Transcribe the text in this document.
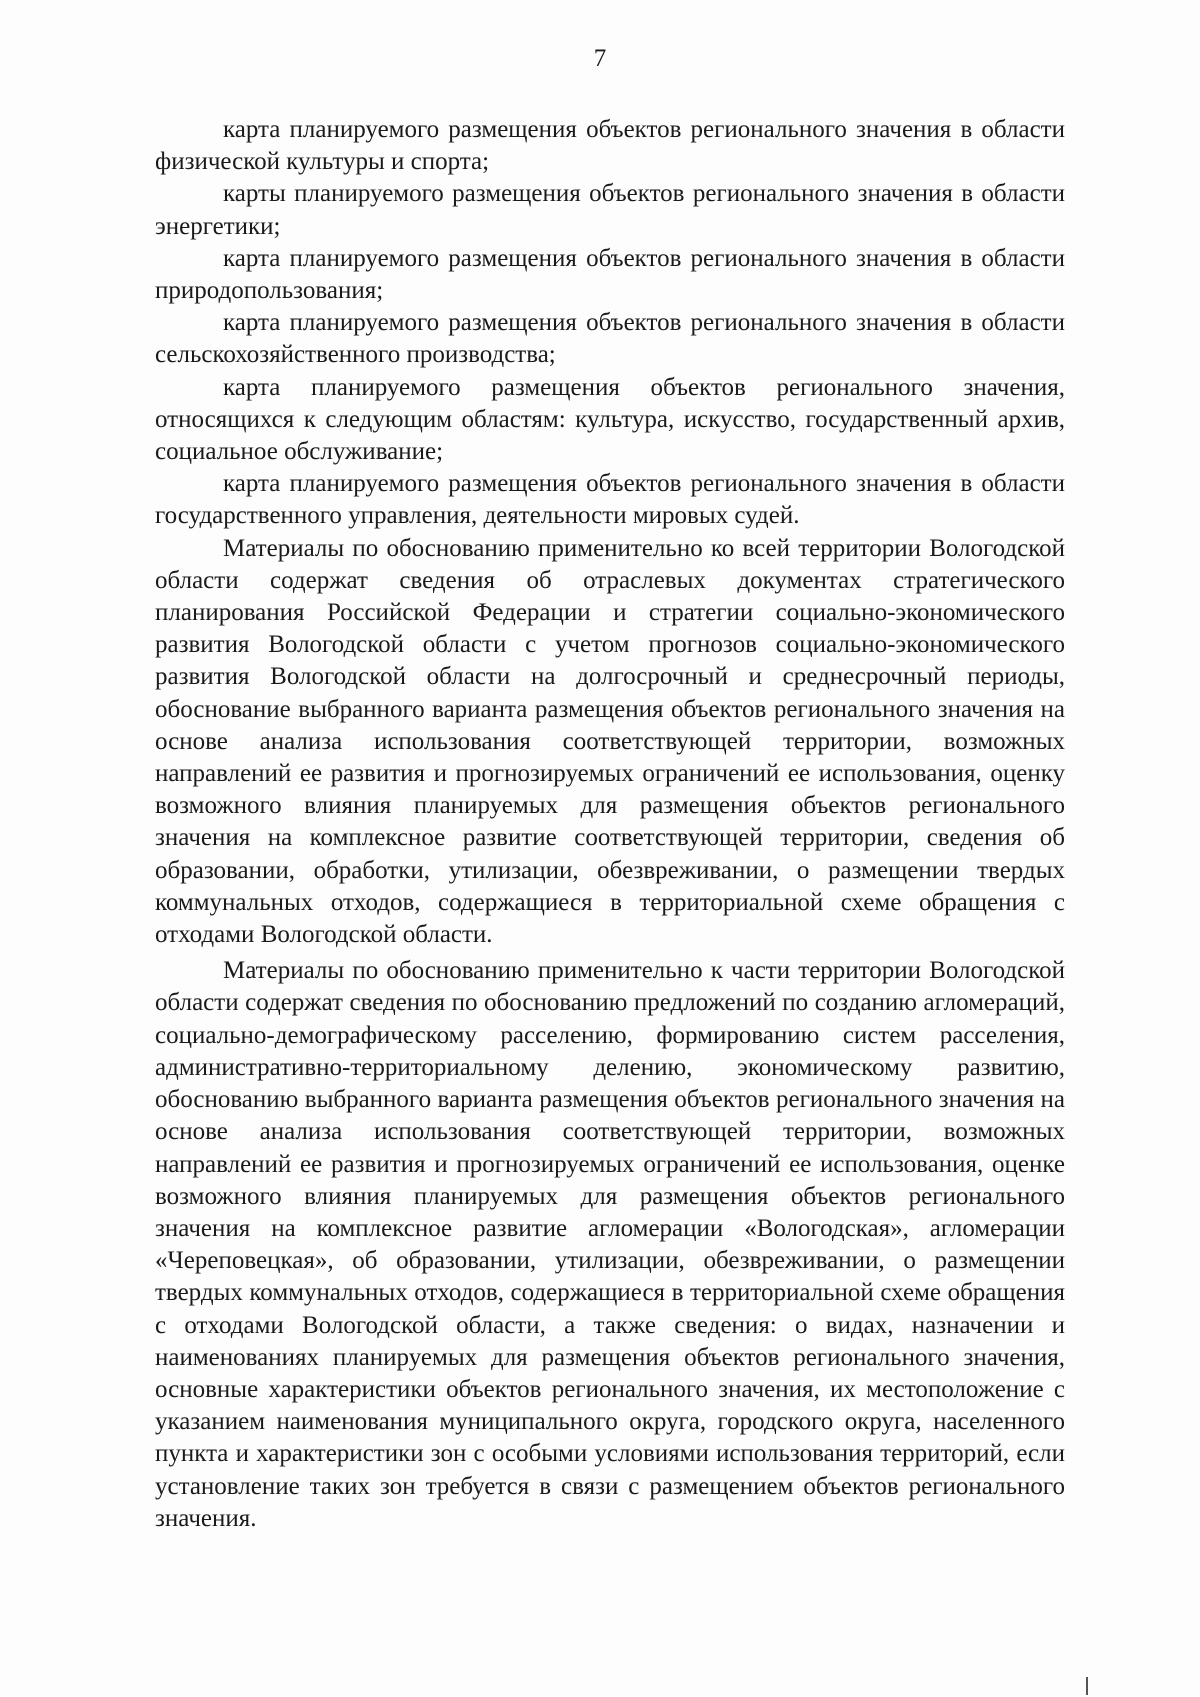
7

карта планируемого размещения объектов регионального значения в области физической культуры и спорта;

карты планируемого размещения объектов регионального значения в области энергетики;

карта планируемого размещения объектов регионального значения в области природопользования;

карта планируемого размещения объектов регионального значения в области сельскохозяйственного производства;

карта планируемого размещения объектов регионального значения, относящихся к следующим областям: культура, искусство, государственный архив, социальное обслуживание;

карта планируемого размещения объектов регионального значения в области государственного управления, деятельности мировых судей.

Материалы по обоснованию применительно ко всей территории Вологодской области содержат сведения об отраслевых документах стратегического планирования Российской Федерации и стратегии социально-экономического развития Вологодской области с учетом прогнозов социально-экономического развития Вологодской области на долгосрочный и среднесрочный периоды, обоснование выбранного варианта размещения объектов регионального значения на основе анализа использования соответствующей территории, возможных направлений ее развития и прогнозируемых ограничений ее использования, оценку возможного влияния планируемых для размещения объектов регионального значения на комплексное развитие соответствующей территории, сведения об образовании, обработки, утилизации, обезвреживании, о размещении твердых коммунальных отходов, содержащиеся в территориальной схеме обращения с отходами Вологодской области.

Материалы по обоснованию применительно к части территории Вологодской области содержат сведения по обоснованию предложений по созданию агломераций, социально-демографическому расселению, формированию систем расселения, административно-территориальному делению, экономическому развитию, обоснованию выбранного варианта размещения объектов регионального значения на основе анализа использования соответствующей территории, возможных направлений ее развития и прогнозируемых ограничений ее использования, оценке возможного влияния планируемых для размещения объектов регионального значения на комплексное развитие агломерации «Вологодская», агломерации «Череповецкая», об образовании, утилизации, обезвреживании, о размещении твердых коммунальных отходов, содержащиеся в территориальной схеме обращения с отходами Вологодской области, а также сведения: о видах, назначении и наименованиях планируемых для размещения объектов регионального значения, основные характеристики объектов регионального значения, их местоположение с указанием наименования муниципального округа, городского округа, населенного пункта и характеристики зон с особыми условиями использования территорий, если установление таких зон требуется в связи с размещением объектов регионального значения.
